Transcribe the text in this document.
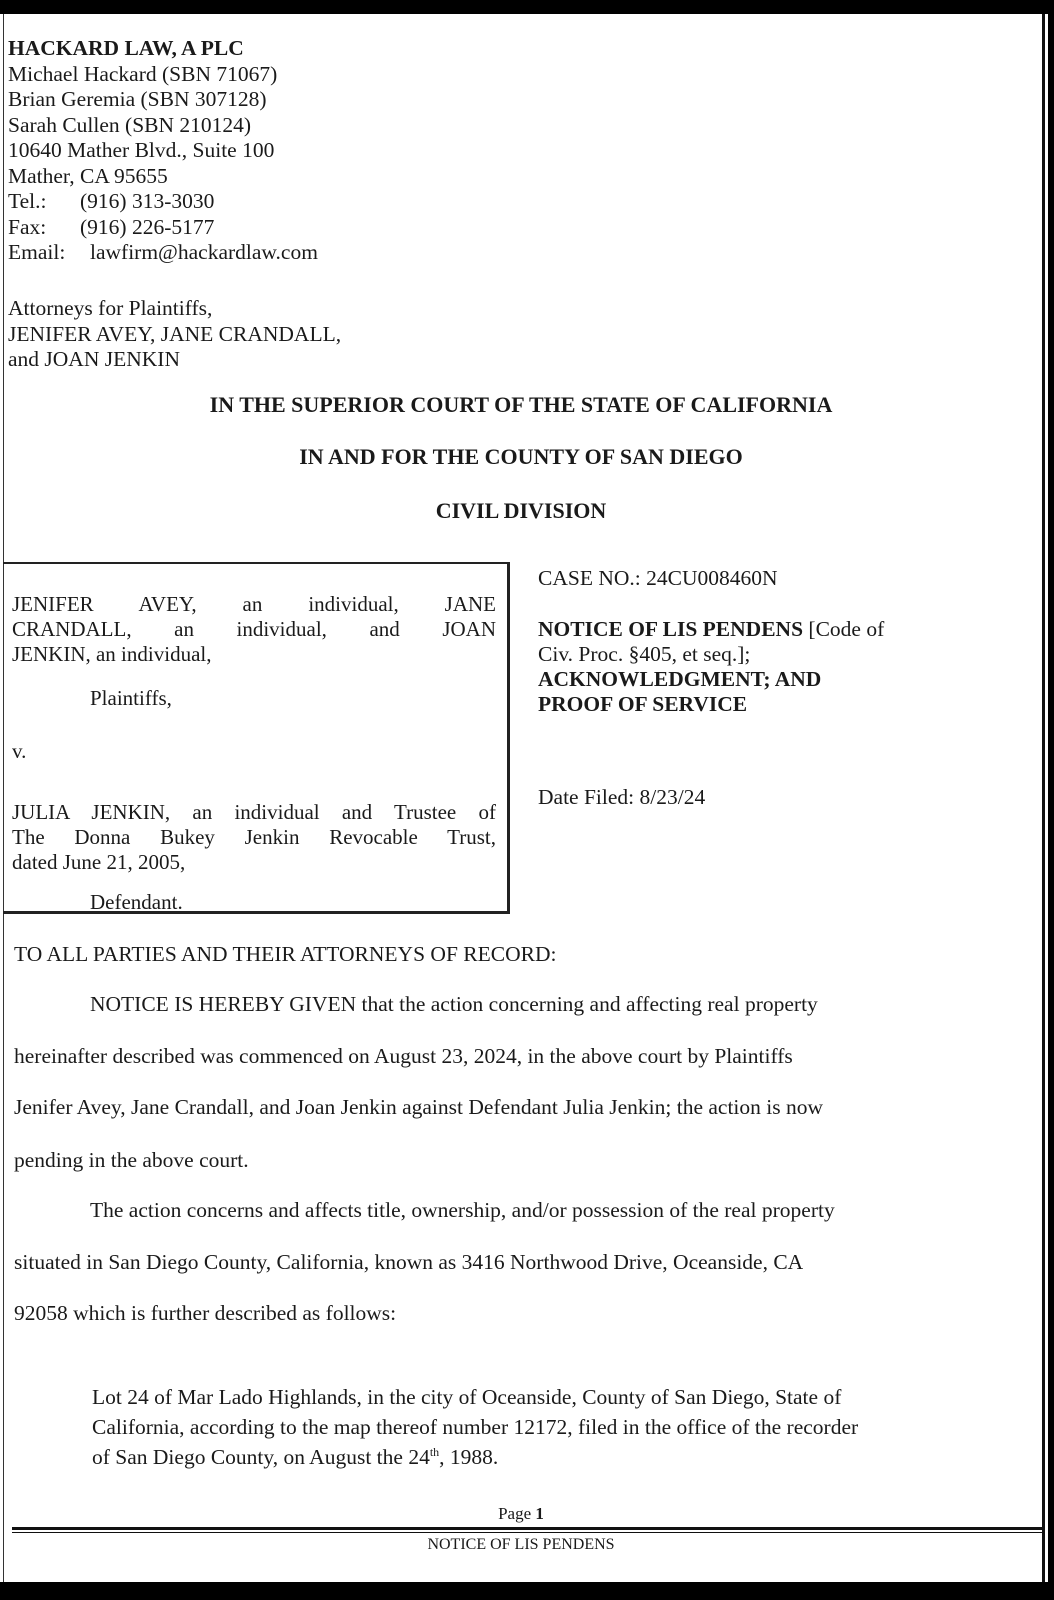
HACKARD LAW, A PLC
Michael Hackard (SBN 71067)
Brian Geremia (SBN 307128)
Sarah Cullen (SBN 210124)
10640 Mather Blvd., Suite 100
Mather, CA 95655
Tel.: (916) 313-3030
Fax: (916) 226-5177
Email: lawfirm@hackardlaw.com
Attorneys for Plaintiffs,
JENIFER AVEY, JANE CRANDALL,
and JOAN JENKIN
IN THE SUPERIOR COURT OF THE STATE OF CALIFORNIA
IN AND FOR THE COUNTY OF SAN DIEGO
CIVIL DIVISION
JENIFER AVEY, an individual, JANE
CRANDALL, an individual, and JOAN
JENKIN, an individual,
Plaintiffs,
v.
JULIA JENKIN, an individual and Trustee of
The Donna Bukey Jenkin Revocable Trust,
dated June 21, 2005,
Defendant.
CASE NO.: 24CU008460N
NOTICE OF LIS PENDENS [Code of
Civ. Proc. §405, et seq.];
ACKNOWLEDGMENT; AND
PROOF OF SERVICE
Date Filed: 8/23/24
TO ALL PARTIES AND THEIR ATTORNEYS OF RECORD:
NOTICE IS HEREBY GIVEN that the action concerning and affecting real property
hereinafter described was commenced on August 23, 2024, in the above court by Plaintiffs
Jenifer Avey, Jane Crandall, and Joan Jenkin against Defendant Julia Jenkin; the action is now
pending in the above court.
The action concerns and affects title, ownership, and/or possession of the real property
situated in San Diego County, California, known as 3416 Northwood Drive, Oceanside, CA
92058 which is further described as follows:
Lot 24 of Mar Lado Highlands, in the city of Oceanside, County of San Diego, State of
California, according to the map thereof number 12172, filed in the office of the recorder
of San Diego County, on August the 24th, 1988.
Page 1
NOTICE OF LIS PENDENS
